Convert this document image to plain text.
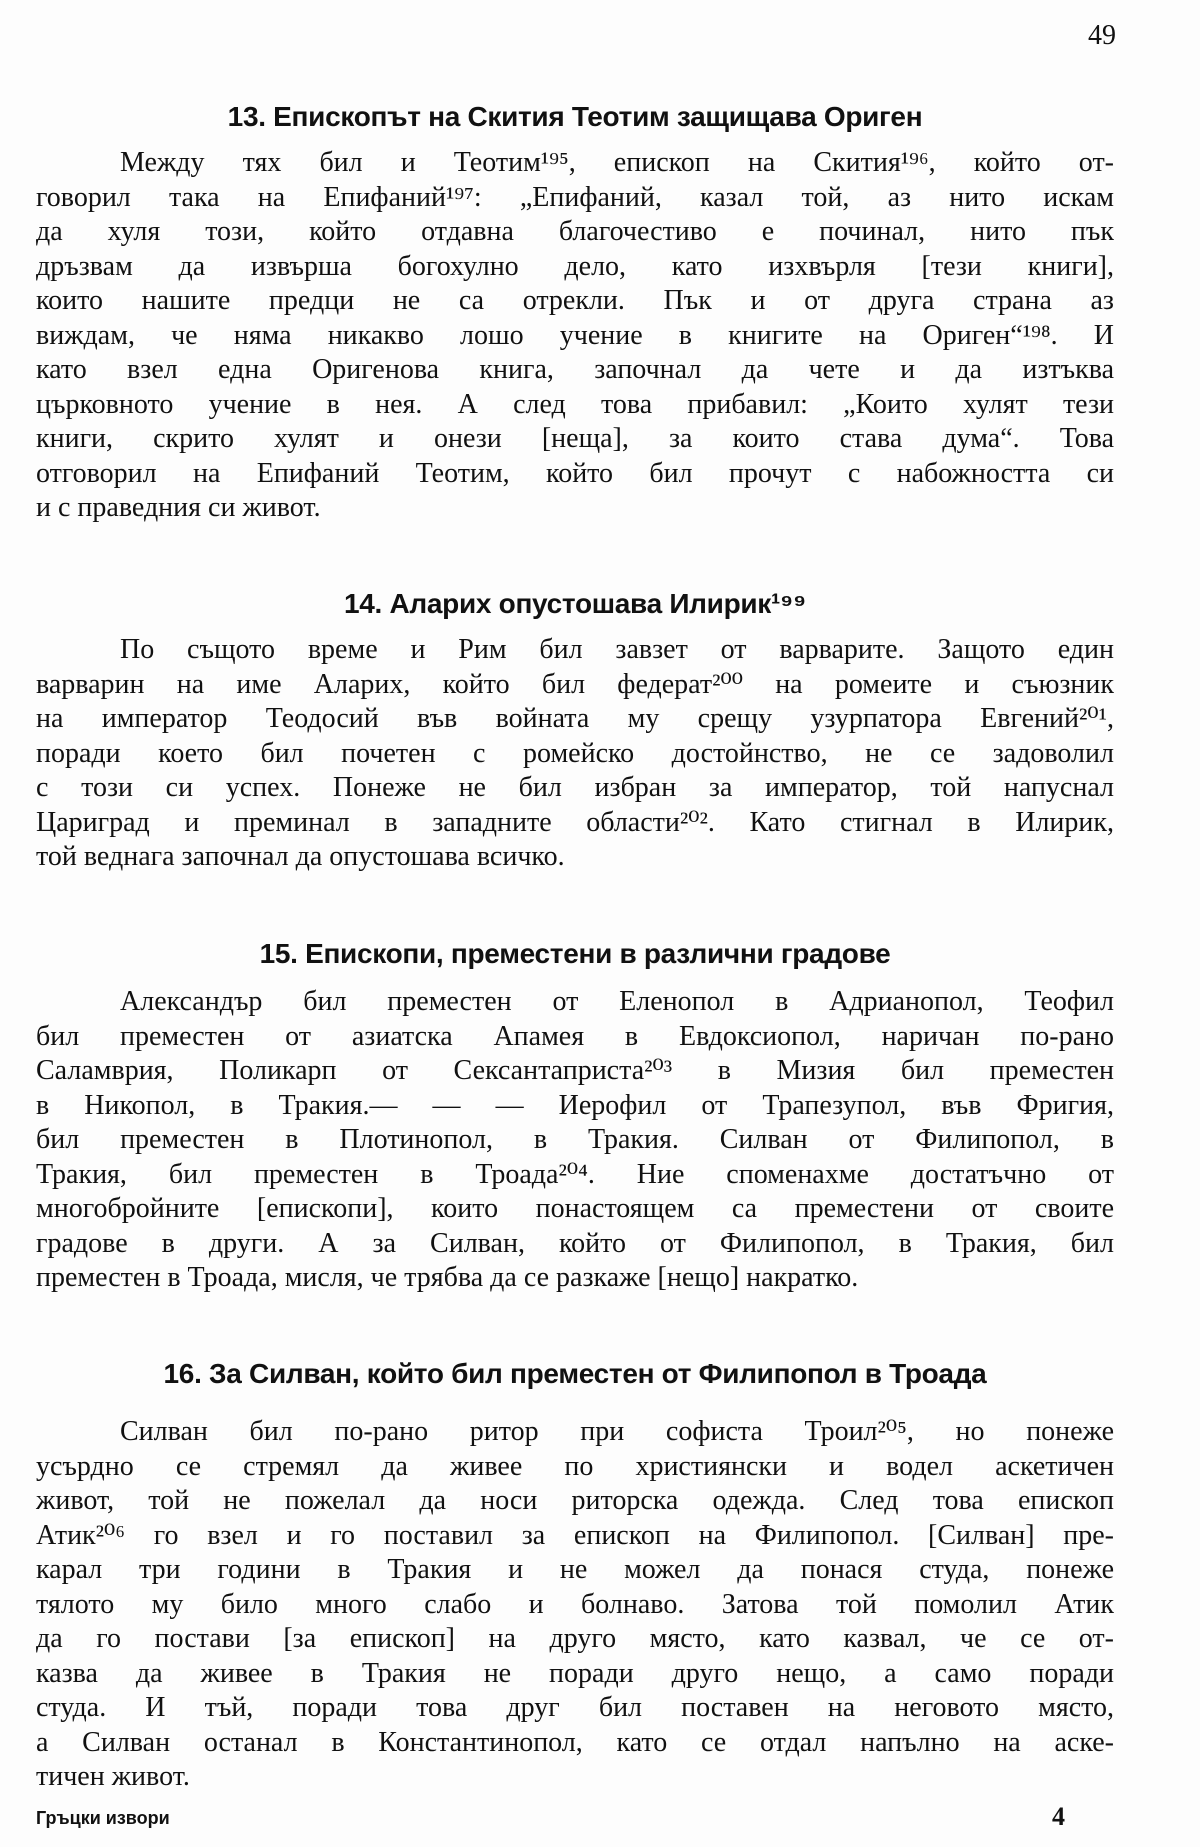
49
13. Епископът на Скития Теотим защищава Ориген
Между тях бил и Теотим¹⁹⁵, епископ на Скития¹⁹⁶, който от-
говорил така на Епифаний¹⁹⁷: „Епифаний, казал той, аз нито искам
да хуля този, който отдавна благочестиво е починал, нито пък
дръзвам да извърша богохулно дело, като изхвърля [тези книги],
които нашите предци не са отрекли. Пък и от друга страна аз
виждам, че няма никакво лошо учение в книгите на Ориген“¹⁹⁸. И
като взел една Оригенова книга, започнал да чете и да изтъква
църковното учение в нея. А след това прибавил: „Които хулят тези
книги, скрито хулят и онези [неща], за които става дума“. Това
отговорил на Епифаний Теотим, който бил прочут с набожността си
и с праведния си живот.
14. Аларих опустошава Илирик¹⁹⁹
По същото време и Рим бил завзет от варварите. Защото един
варварин на име Аларих, който бил федерат²⁰⁰ на ромеите и съюзник
на император Теодосий във войната му срещу узурпатора Евгений²⁰¹,
поради което бил почетен с ромейско достойнство, не се задоволил
с този си успех. Понеже не бил избран за император, той напуснал
Цариград и преминал в западните области²⁰². Като стигнал в Илирик,
той веднага започнал да опустошава всичко.
15. Епископи, преместени в различни градове
Александър бил преместен от Еленопол в Адрианопол, Теофил
бил преместен от азиатска Апамея в Евдоксиопол, наричан по-рано
Саламврия, Поликарп от Сексантаприста²⁰³ в Мизия бил преместен
в Никопол, в Тракия.— — — Иерофил от Трапезупол, във Фригия,
бил преместен в Плотинопол, в Тракия. Силван от Филипопол, в
Тракия, бил преместен в Троада²⁰⁴. Ние споменахме достатъчно от
многобройните [епископи], които понастоящем са преместени от своите
градове в други. А за Силван, който от Филипопол, в Тракия, бил
преместен в Троада, мисля, че трябва да се разкаже [нещо] накратко.
16. За Силван, който бил преместен от Филипопол в Троада
Силван бил по-рано ритор при софиста Троил²⁰⁵, но понеже
усърдно се стремял да живее по християнски и водел аскетичен
живот, той не пожелал да носи риторска одежда. След това епископ
Атик²⁰⁶ го взел и го поставил за епископ на Филипопол. [Силван] пре-
карал три години в Тракия и не можел да понася студа, понеже
тялото му било много слабо и болнаво. Затова той помолил Атик
да го постави [за епископ] на друго място, като казвал, че се от-
казва да живее в Тракия не поради друго нещо, а само поради
студа. И тъй, поради това друг бил поставен на неговото място,
а Силван останал в Константинопол, като се отдал напълно на аске-
тичен живот.
Гръцки извори	4
